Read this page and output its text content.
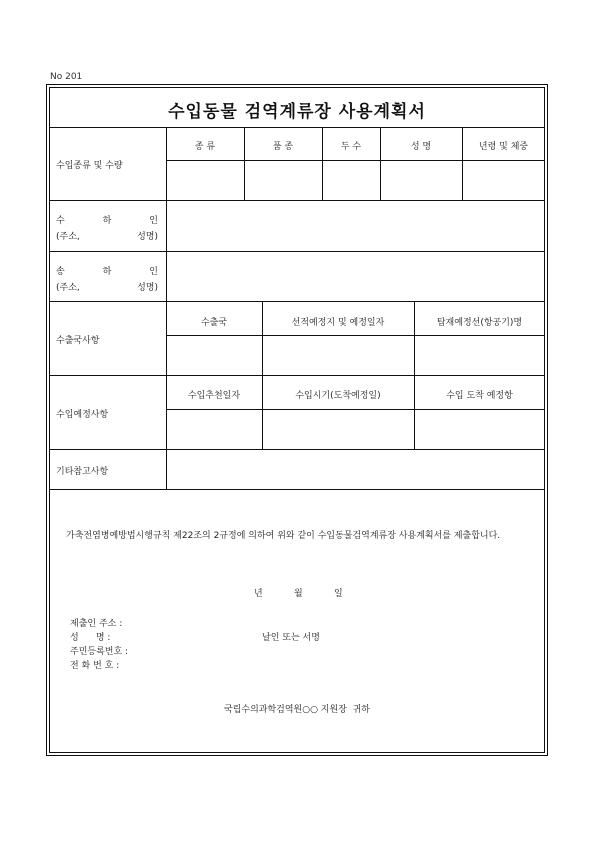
No 201
수입동물 검역계류장 사용계획서
수입종류 및 수량
종 류	품 종	두 수	성 명	년령 및 체중
수	하	인
(주소,	성명)
송	하	인
(주소,	성명)
수출국사항
수출국	선적예정지 및 예정일자	탑재예정선(항공기)명
수입예정사항
수입추천일자	수입시기(도착예정일)	수입 도착 예정항
기타참고사항
가축전염병예방법시행규칙 제22조의 2규정에 의하여 위와 같이 수입동물검역계류장 사용계획서를 제출합니다.
년	월	일
제출인 주소 :
성      명 :
주민등록번호 :
전 화 번 호 :
날인 또는 서명
국립수의과학검역원○○ 지원장  귀하
